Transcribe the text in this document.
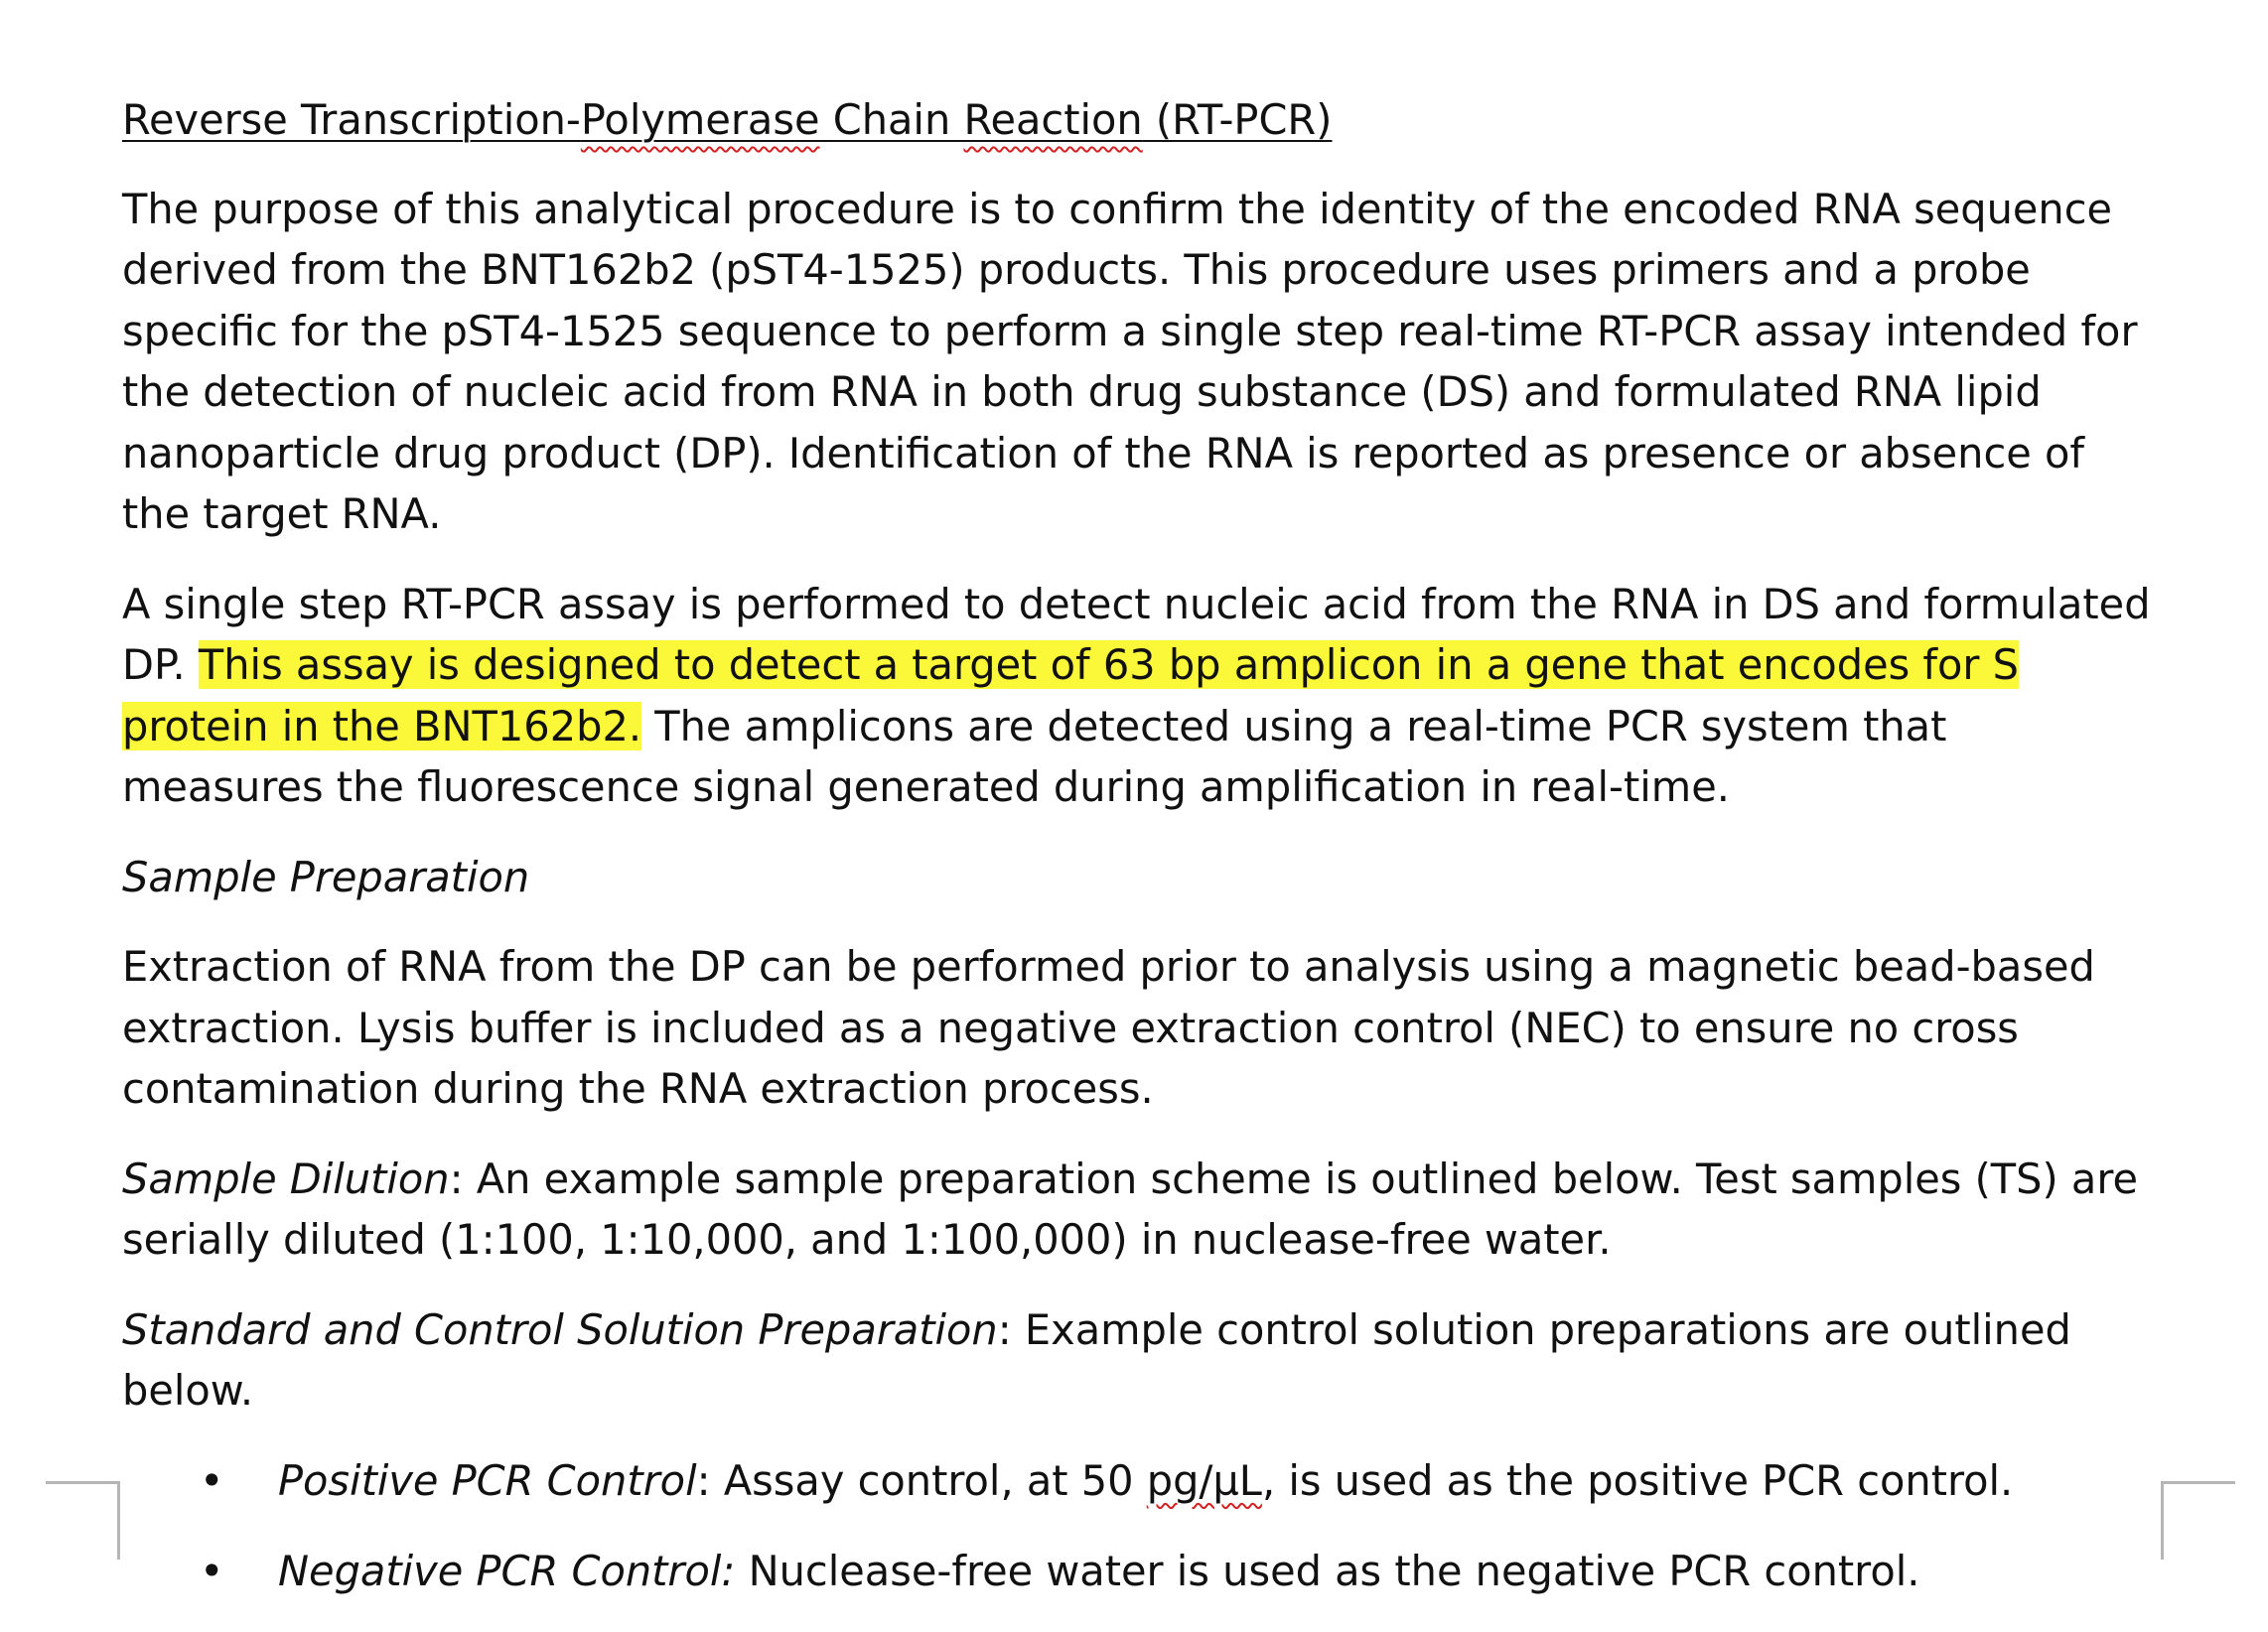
Reverse Transcription-Polymerase Chain Reaction (RT-PCR)

The purpose of this analytical procedure is to confirm the identity of the encoded RNA sequence derived from the BNT162b2 (pST4-1525) products. This procedure uses primers and a probe specific for the pST4-1525 sequence to perform a single step real-time RT-PCR assay intended for the detection of nucleic acid from RNA in both drug substance (DS) and formulated RNA lipid nanoparticle drug product (DP). Identification of the RNA is reported as presence or absence of the target RNA.

A single step RT-PCR assay is performed to detect nucleic acid from the RNA in DS and formulated DP. This assay is designed to detect a target of 63 bp amplicon in a gene that encodes for S protein in the BNT162b2. The amplicons are detected using a real-time PCR system that measures the fluorescence signal generated during amplification in real-time.

Sample Preparation

Extraction of RNA from the DP can be performed prior to analysis using a magnetic bead-based extraction. Lysis buffer is included as a negative extraction control (NEC) to ensure no cross contamination during the RNA extraction process.

Sample Dilution: An example sample preparation scheme is outlined below. Test samples (TS) are serially diluted (1:100, 1:10,000, and 1:100,000) in nuclease-free water.

Standard and Control Solution Preparation: Example control solution preparations are outlined below.

• Positive PCR Control: Assay control, at 50 pg/µL, is used as the positive PCR control.
• Negative PCR Control: Nuclease-free water is used as the negative PCR control.
